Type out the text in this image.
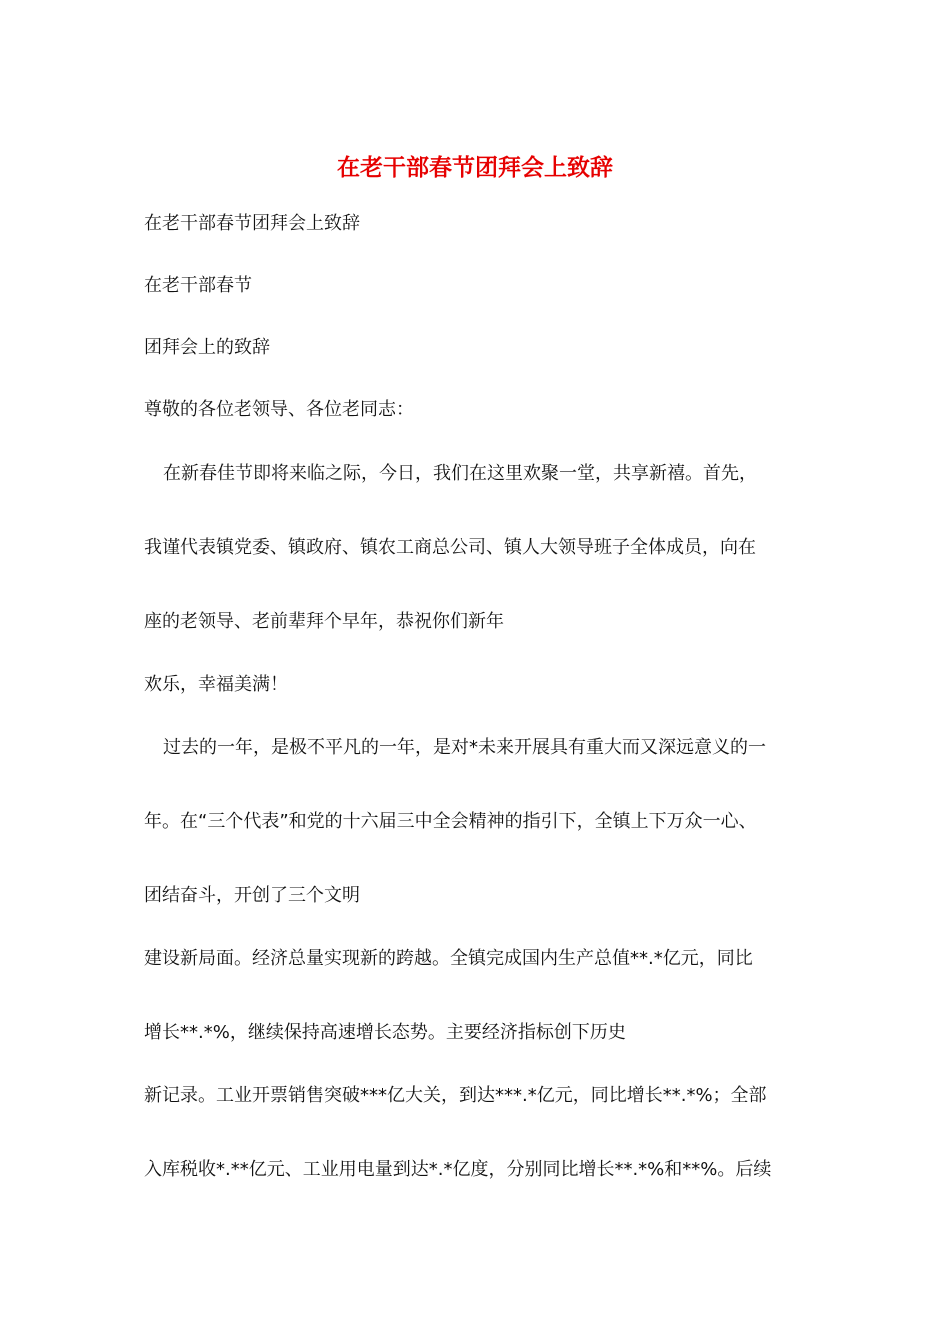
在老干部春节团拜会上致辞

在老干部春节团拜会上致辞

在老干部春节

团拜会上的致辞

尊敬的各位老领导、各位老同志：

在新春佳节即将来临之际，今日，我们在这里欢聚一堂，共享新禧。首先，

我谨代表镇党委、镇政府、镇农工商总公司、镇人大领导班子全体成员，向在

座的老领导、老前辈拜个早年，恭祝你们新年

欢乐，幸福美满！

过去的一年，是极不平凡的一年，是对*未来开展具有重大而又深远意义的一

年。在“三个代表”和党的十六届三中全会精神的指引下，全镇上下万众一心、

团结奋斗，开创了三个文明

建设新局面。经济总量实现新的跨越。全镇完成国内生产总值**.*亿元，同比

增长**.*%，继续保持高速增长态势。主要经济指标创下历史

新记录。工业开票销售突破***亿大关，到达***.*亿元，同比增长**.*%；全部

入库税收*.**亿元、工业用电量到达*.*亿度，分别同比增长**.*%和**%。后续
